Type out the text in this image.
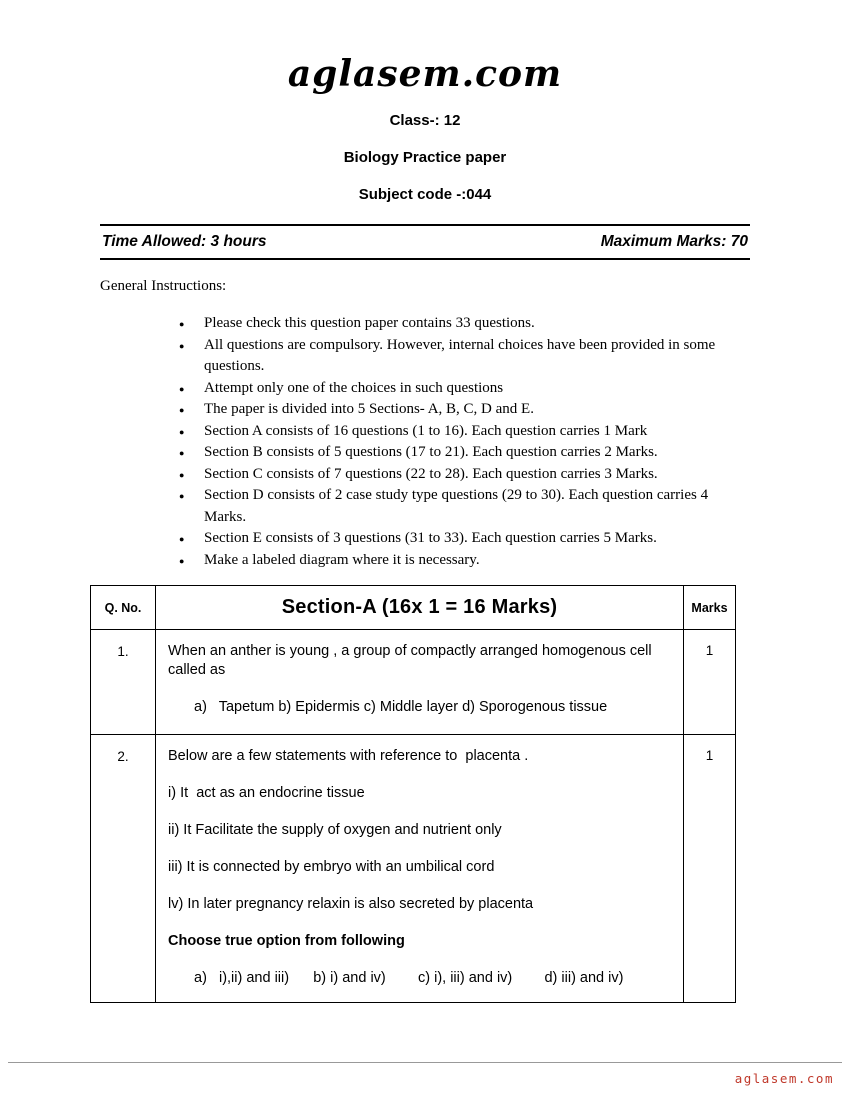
aglasem.com
Class-: 12
Biology Practice paper
Subject code -:044
Time Allowed: 3 hours	Maximum Marks: 70
General Instructions:
● Please check this question paper contains 33 questions.
● All questions are compulsory. However, internal choices have been provided in some questions.
● Attempt only one of the choices in such questions
● The paper is divided into 5 Sections- A, B, C, D and E.
● Section A consists of 16 questions (1 to 16). Each question carries 1 Mark
● Section B consists of 5 questions (17 to 21). Each question carries 2 Marks.
● Section C consists of 7 questions (22 to 28). Each question carries 3 Marks.
● Section D consists of 2 case study type questions (29 to 30). Each question carries 4 Marks.
● Section E consists of 3 questions (31 to 33). Each question carries 5 Marks.
● Make a labeled diagram where it is necessary.
Q. No.	Section-A (16x 1 = 16 Marks)	Marks
1.	When an anther is young , a group of compactly arranged homogenous cell called as

a)   Tapetum b) Epidermis c) Middle layer d) Sporogenous tissue	1
2.	Below are a few statements with reference to  placenta .

i) It  act as an endocrine tissue

ii) It Facilitate the supply of oxygen and nutrient only

iii) It is connected by embryo with an umbilical cord

lv) In later pregnancy relaxin is also secreted by placenta

Choose true option from following

a)   i),ii) and iii)      b) i) and iv)        c) i), iii) and iv)        d) iii) and iv)

	1
aglasem.com
